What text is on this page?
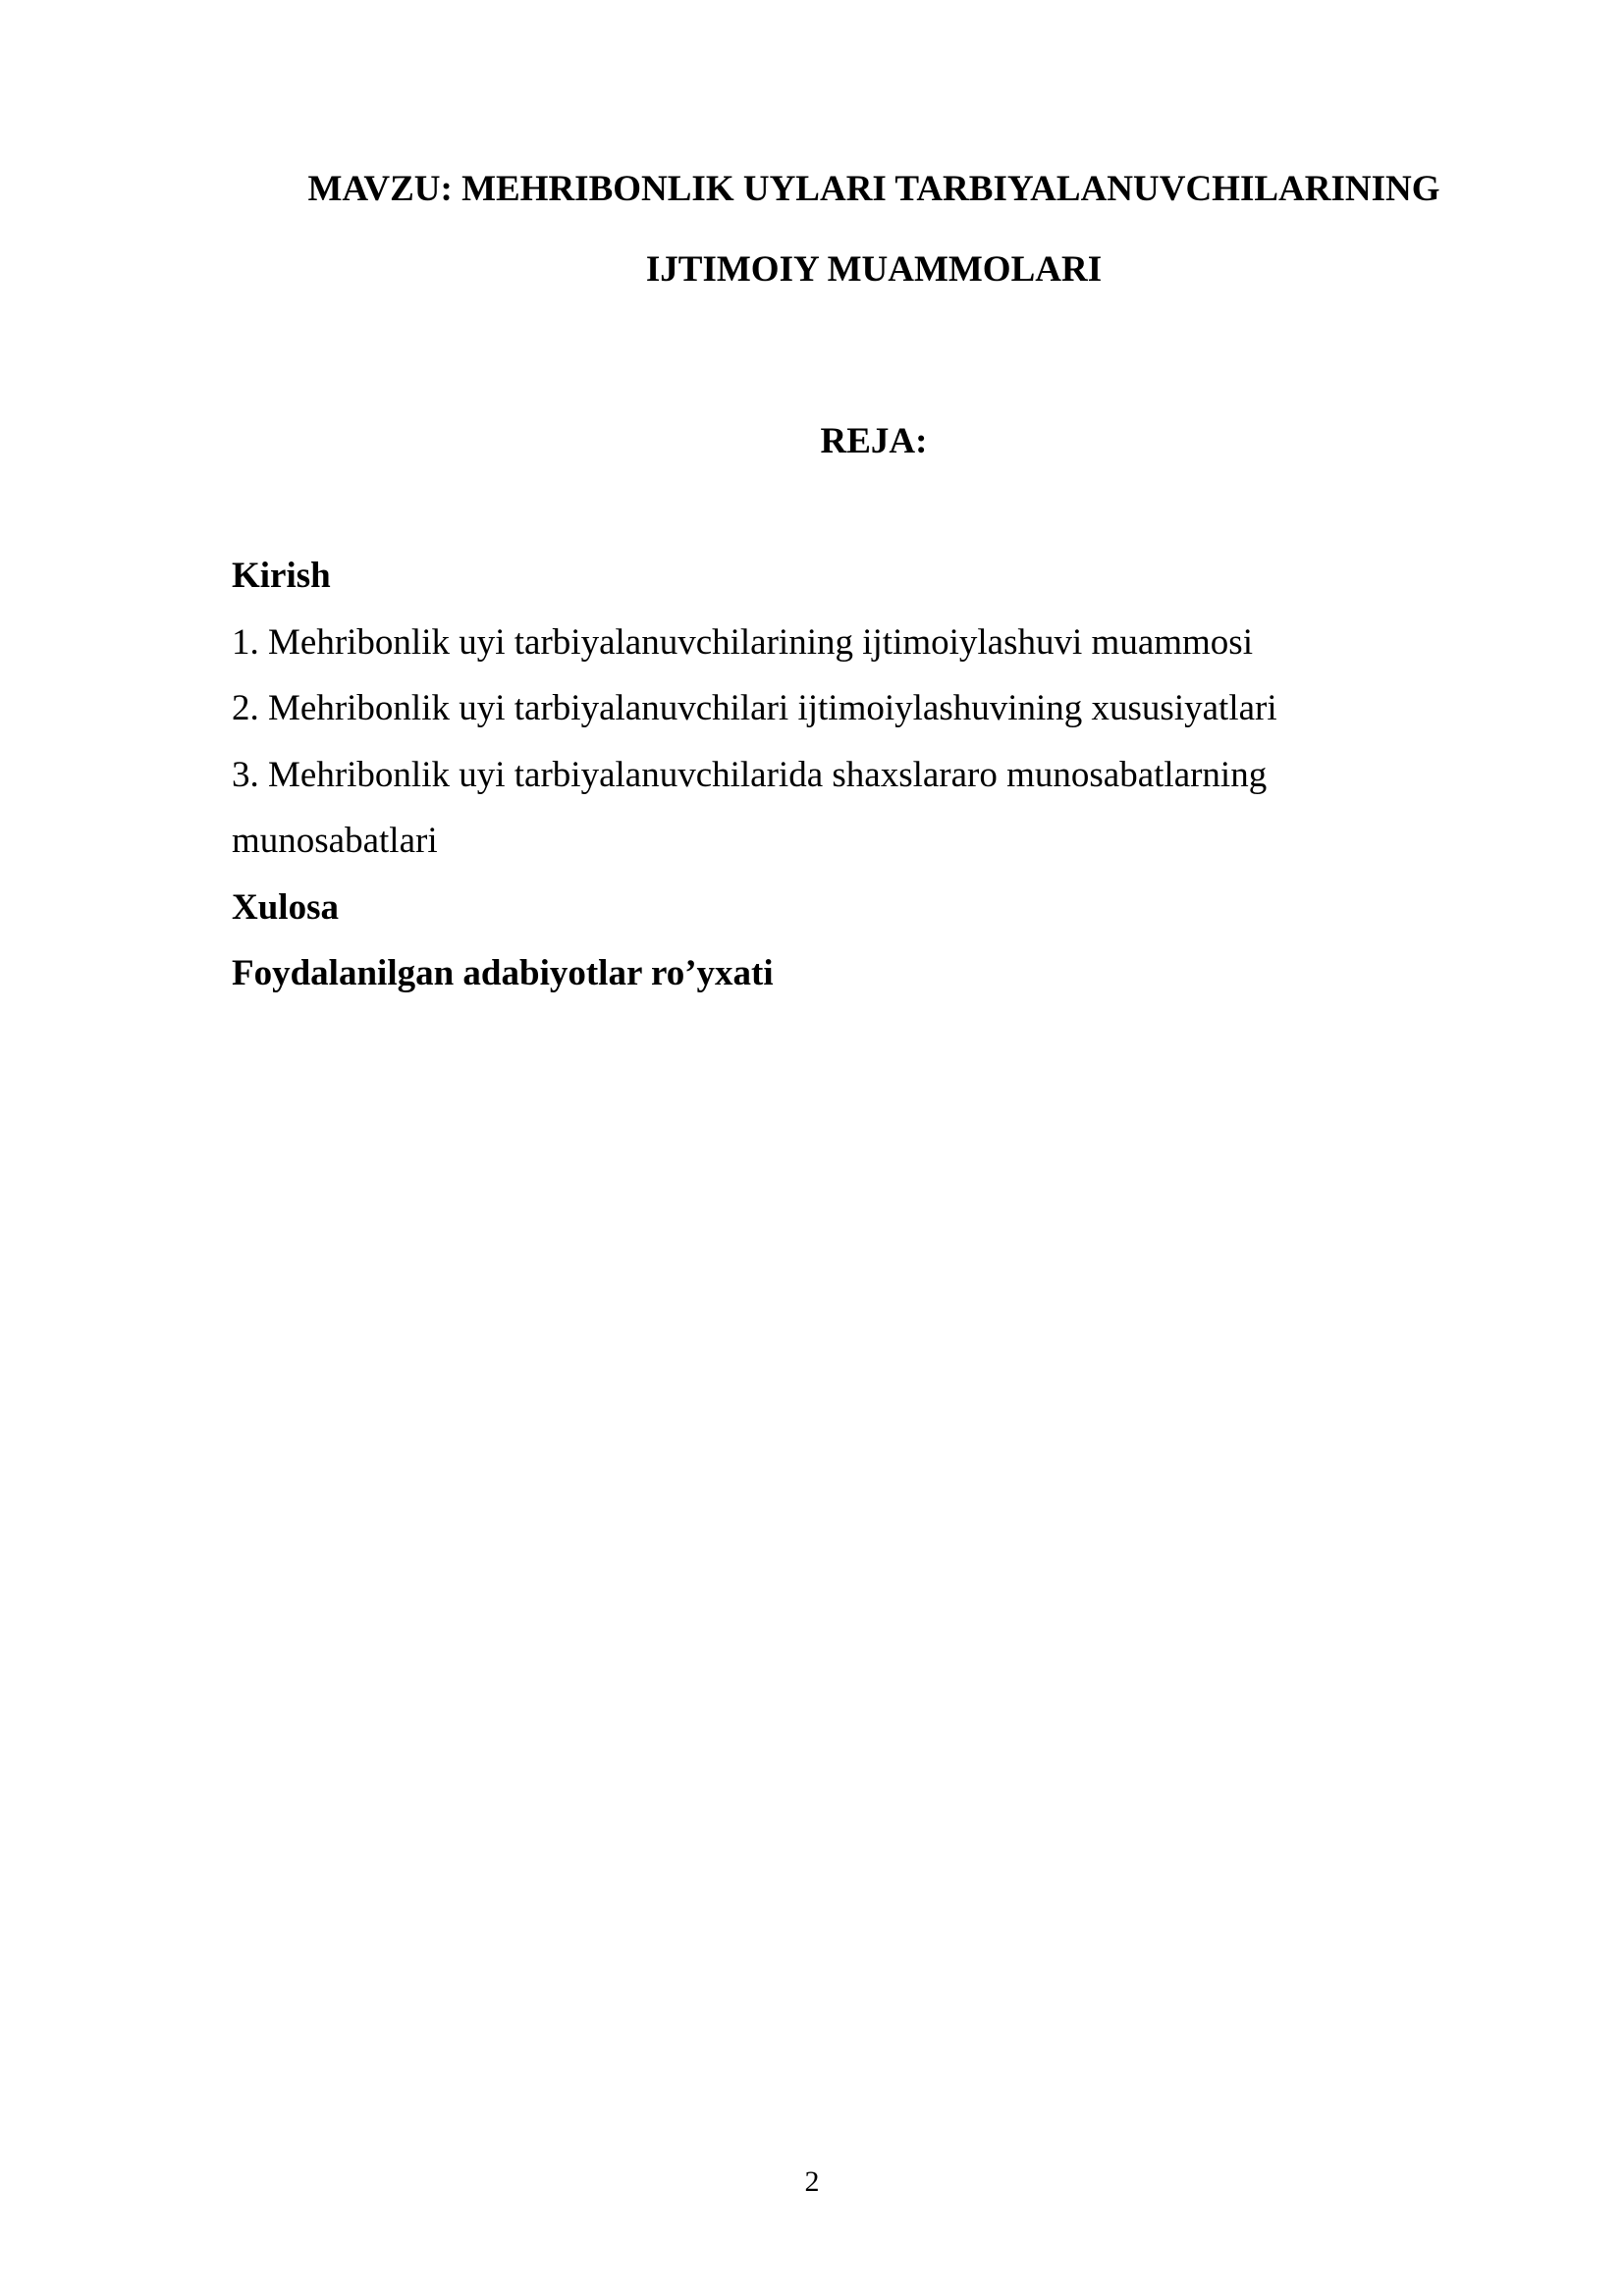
MAVZU: MEHRIBONLIK UYLARI TARBIYALANUVCHILARINING
IJTIMOIY MUAMMOLARI
REJA:
Kirish
1. Mehribonlik uyi tarbiyalanuvchilarining ijtimoiylashuvi muammosi
2. Mehribonlik uyi tarbiyalanuvchilari ijtimoiylashuvining xususiyatlari
3. Mehribonlik uyi tarbiyalanuvchilarida shaxslararo munosabatlarning
munosabatlari
Xulosa
Foydalanilgan adabiyotlar ro’yxati
2
